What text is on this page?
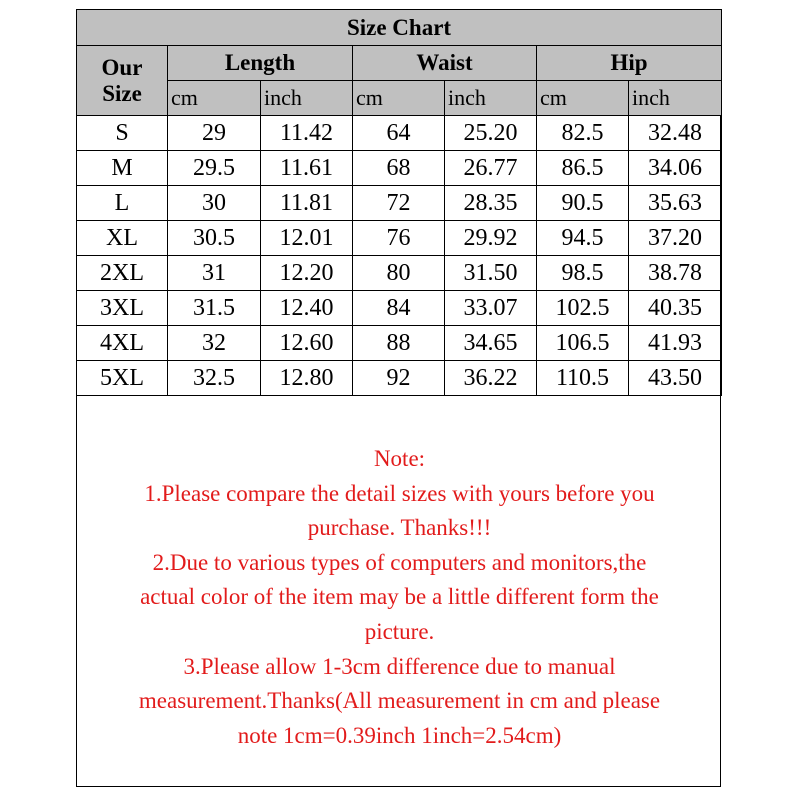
Size Chart						
Our
Size	Length		Waist		Hip	
	cm	inch	cm	inch	cm	inch
S	29	11.42	64	25.20	82.5	32.48
M	29.5	11.61	68	26.77	86.5	34.06
L	30	11.81	72	28.35	90.5	35.63
XL	30.5	12.01	76	29.92	94.5	37.20
2XL	31	12.20	80	31.50	98.5	38.78
3XL	31.5	12.40	84	33.07	102.5	40.35
4XL	32	12.60	88	34.65	106.5	41.93
5XL	32.5	12.80	92	36.22	110.5	43.50
Note:
1.Please compare the detail sizes with yours before you
purchase. Thanks!!!
2.Due to various types of computers and monitors,the
actual color of the item may be a little different form the
picture.
3.Please allow 1-3cm difference due to manual
measurement.Thanks(All measurement in cm and please
note 1cm=0.39inch 1inch=2.54cm)
